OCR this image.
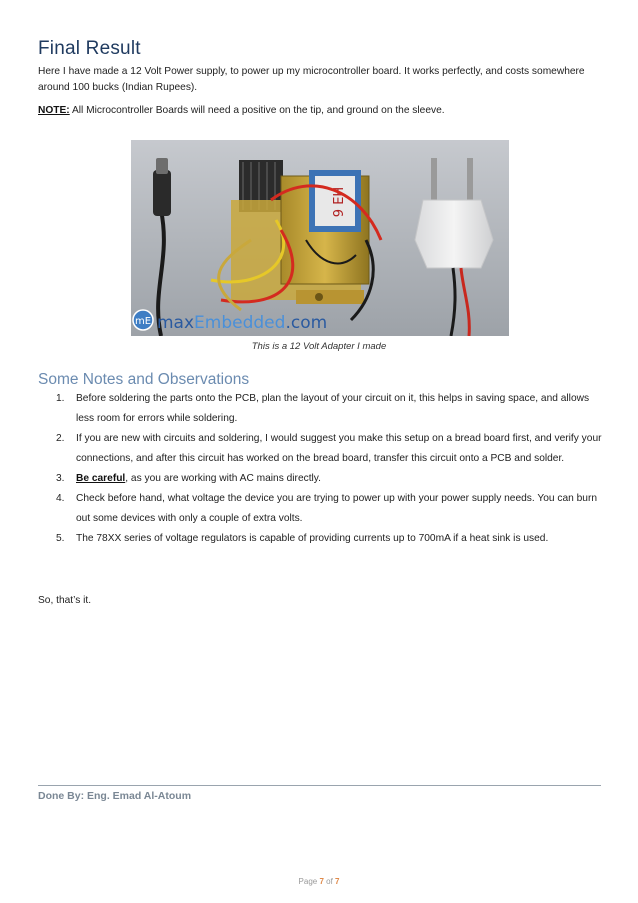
Final Result

Here I have made a 12 Volt Power supply, to power up my microcontroller board. It works perfectly, and costs somewhere around 100 bucks (Indian Rupees).

NOTE: All Microcontroller Boards will need a positive on the tip, and ground on the sleeve.

9 EH
mE maxEmbedded.com
This is a 12 Volt Adapter I made
Some Notes and Observations
1. Before soldering the parts onto the PCB, plan the layout of your circuit on it, this helps in saving space, and allows less room for errors while soldering.
2. If you are new with circuits and soldering, I would suggest you make this setup on a bread board first, and verify your connections, and after this circuit has worked on the bread board, transfer this circuit onto a PCB and solder.
3. Be careful, as you are working with AC mains directly.
4. Check before hand, what voltage the device you are trying to power up with your power supply needs. You can burn out some devices with only a couple of extra volts.
5. The 78XX series of voltage regulators is capable of providing currents up to 700mA if a heat sink is used.

So, that’s it.

Done By: Eng. Emad Al-Atoum
Page 7 of 7
